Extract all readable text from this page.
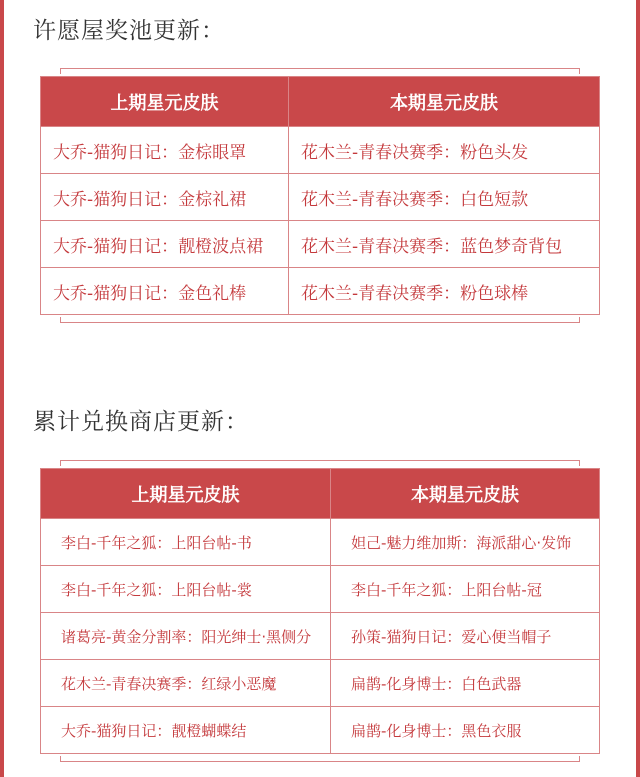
许愿屋奖池更新：
上期星元皮肤	本期星元皮肤
大乔-猫狗日记：金棕眼罩	花木兰-青春决赛季：粉色头发
大乔-猫狗日记：金棕礼裙	花木兰-青春决赛季：白色短款
大乔-猫狗日记：靓橙波点裙	花木兰-青春决赛季：蓝色梦奇背包
大乔-猫狗日记：金色礼棒	花木兰-青春决赛季：粉色球棒
累计兑换商店更新：
上期星元皮肤	本期星元皮肤
李白-千年之狐：上阳台帖-书	妲己-魅力维加斯：海派甜心·发饰
李白-千年之狐：上阳台帖-裳	李白-千年之狐：上阳台帖-冠
诸葛亮-黄金分割率：阳光绅士·黑侧分	孙策-猫狗日记：爱心便当帽子
花木兰-青春决赛季：红绿小恶魔	扁鹊-化身博士：白色武器
大乔-猫狗日记：靓橙蝴蝶结	扁鹊-化身博士：黑色衣服
